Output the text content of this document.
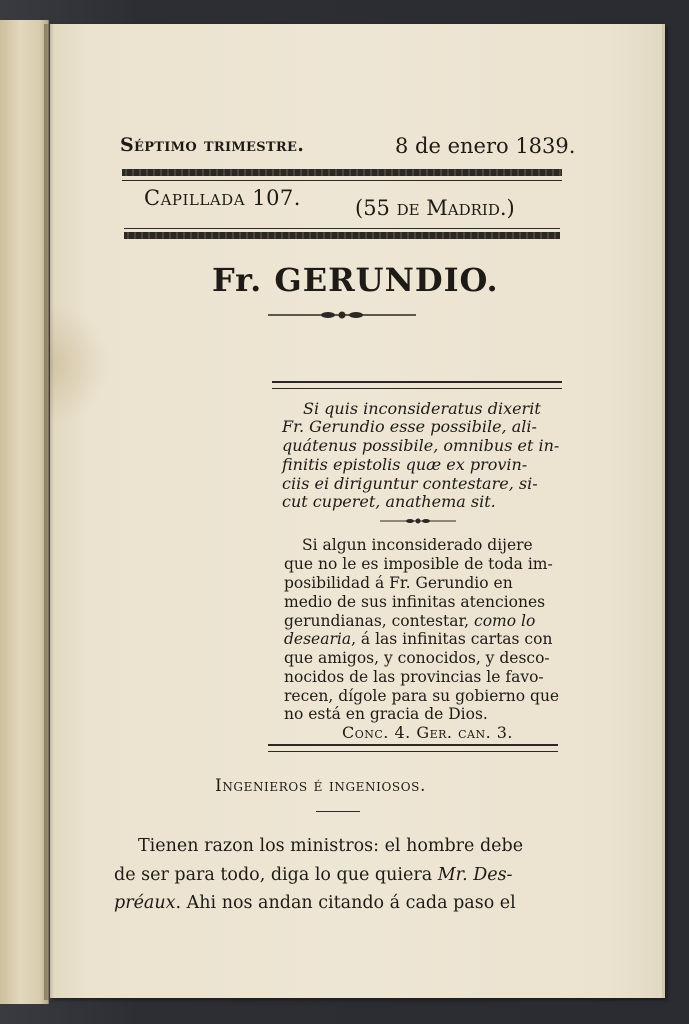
Séptimo trimestre.	8 de enero 1839.
Capillada 107.	(55 de Madrid.)
Fr. GERUNDIO.
Si quis inconsideratus dixerit
Fr. Gerundio esse possibile, ali-
quátenus possibile, omnibus et in-
finitis epistolis quæ ex provin-
ciis ei diriguntur contestare, si-
cut cuperet, anathema sit.
Si algun inconsiderado dijere
que no le es imposible de toda im-
posibilidad á Fr. Gerundio en
medio de sus infinitas atenciones
gerundianas, contestar, como lo
desearia, á las infinitas cartas con
que amigos, y conocidos, y desco-
nocidos de las provincias le favo-
recen, dígole para su gobierno que
no está en gracia de Dios.
Conc. 4. Ger. can. 3.
Ingenieros é ingeniosos.
Tienen razon los ministros: el hombre debe
de ser para todo, diga lo que quiera Mr. Des-
préaux. Ahi nos andan citando á cada paso el
